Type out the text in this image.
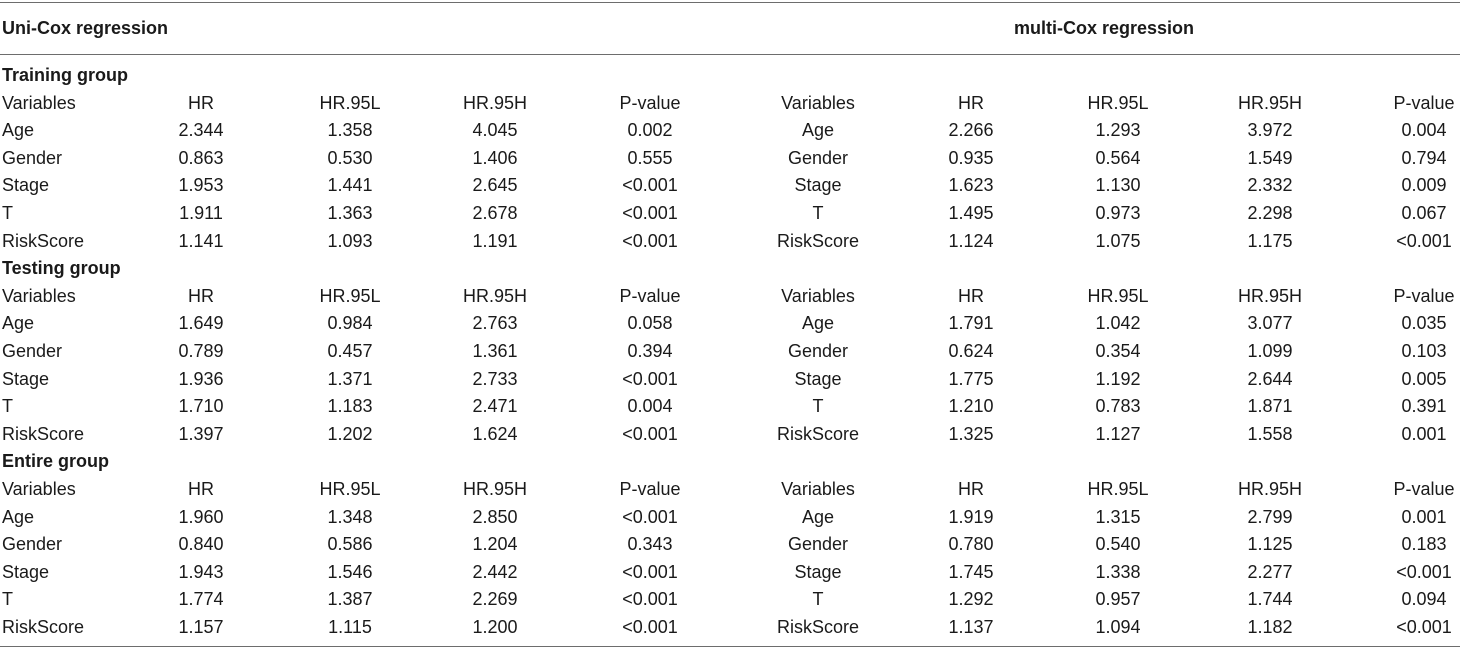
Uni-Cox regression	multi-Cox regression
Training group
Variables	HR	HR.95L	HR.95H	P-value	Variables	HR	HR.95L	HR.95H	P-value
Age	2.344	1.358	4.045	0.002	Age	2.266	1.293	3.972	0.004
Gender	0.863	0.530	1.406	0.555	Gender	0.935	0.564	1.549	0.794
Stage	1.953	1.441	2.645	<0.001	Stage	1.623	1.130	2.332	0.009
T	1.911	1.363	2.678	<0.001	T	1.495	0.973	2.298	0.067
RiskScore	1.141	1.093	1.191	<0.001	RiskScore	1.124	1.075	1.175	<0.001
Testing group
Variables	HR	HR.95L	HR.95H	P-value	Variables	HR	HR.95L	HR.95H	P-value
Age	1.649	0.984	2.763	0.058	Age	1.791	1.042	3.077	0.035
Gender	0.789	0.457	1.361	0.394	Gender	0.624	0.354	1.099	0.103
Stage	1.936	1.371	2.733	<0.001	Stage	1.775	1.192	2.644	0.005
T	1.710	1.183	2.471	0.004	T	1.210	0.783	1.871	0.391
RiskScore	1.397	1.202	1.624	<0.001	RiskScore	1.325	1.127	1.558	0.001
Entire group
Variables	HR	HR.95L	HR.95H	P-value	Variables	HR	HR.95L	HR.95H	P-value
Age	1.960	1.348	2.850	<0.001	Age	1.919	1.315	2.799	0.001
Gender	0.840	0.586	1.204	0.343	Gender	0.780	0.540	1.125	0.183
Stage	1.943	1.546	2.442	<0.001	Stage	1.745	1.338	2.277	<0.001
T	1.774	1.387	2.269	<0.001	T	1.292	0.957	1.744	0.094
RiskScore	1.157	1.115	1.200	<0.001	RiskScore	1.137	1.094	1.182	<0.001
